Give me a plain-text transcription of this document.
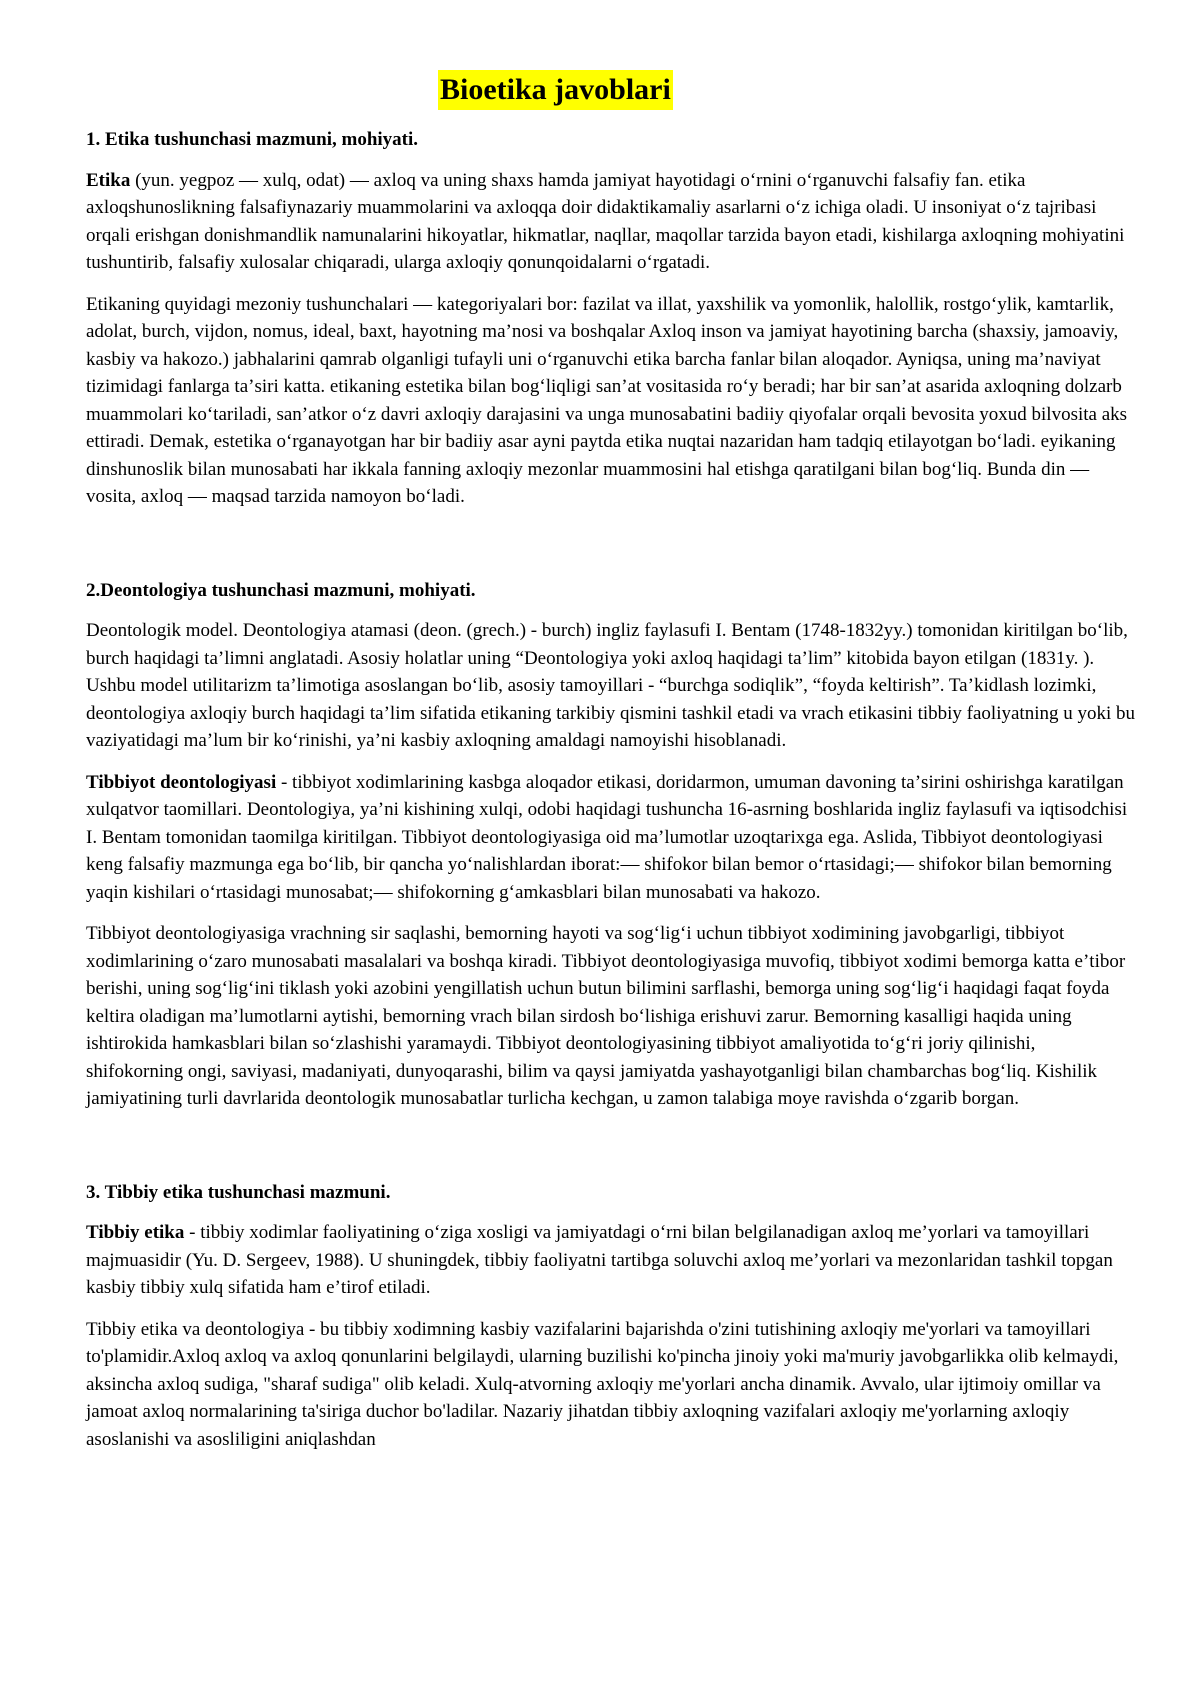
Bioetika javoblari
1. Etika tushunchasi mazmuni, mohiyati.

Etika (yun. yegpoz — xulq, odat) — axloq va uning shaxs hamda jamiyat hayotidagi oʻrnini oʻrganuvchi falsafiy fan. etika axloqshunoslikning falsafiynazariy muammolarini va axloqqa doir didaktikamaliy asarlarni oʻz ichiga oladi. U insoniyat oʻz tajribasi orqali erishgan donishmandlik namunalarini hikoyatlar, hikmatlar, naqllar, maqollar tarzida bayon etadi, kishilarga axloqning mohiyatini tushuntirib, falsafiy xulosalar chiqaradi, ularga axloqiy qonunqoidalarni oʻrgatadi.

Etikaning quyidagi mezoniy tushunchalari — kategoriyalari bor: fazilat va illat, yaxshilik va yomonlik, halollik, rostgoʻylik, kamtarlik, adolat, burch, vijdon, nomus, ideal, baxt, hayotning maʼnosi va boshqalar Axloq inson va jamiyat hayotining barcha (shaxsiy, jamoaviy, kasbiy va hakozo.) jabhalarini qamrab olganligi tufayli uni oʻrganuvchi etika barcha fanlar bilan aloqador. Ayniqsa, uning maʼnaviyat tizimidagi fanlarga taʼsiri katta. etikaning estetika bilan bogʻliqligi sanʼat vositasida roʻy beradi; har bir sanʼat asarida axloqning dolzarb muammolari koʻtariladi, sanʼatkor oʻz davri axloqiy darajasini va unga munosabatini badiiy qiyofalar orqali bevosita yoxud bilvosita aks ettiradi. Demak, estetika oʻrganayotgan har bir badiiy asar ayni paytda etika nuqtai nazaridan ham tadqiq etilayotgan boʻladi. eyikaning dinshunoslik bilan munosabati har ikkala fanning axloqiy mezonlar muammosini hal etishga qaratilgani bilan bogʻliq. Bunda din — vosita, axloq — maqsad tarzida namoyon boʻladi.

2.Deontologiya tushunchasi mazmuni, mohiyati.

Deontologik model. Deontologiya atamasi (deon. (grech.) - burch) ingliz faylasufi I. Bentam (1748-1832yy.) tomonidan kiritilgan boʻlib, burch haqidagi taʼlimni anglatadi. Asosiy holatlar uning “Deontologiya yoki axloq haqidagi taʼlim” kitobida bayon etilgan (1831y. ). Ushbu model utilitarizm taʼlimotiga asoslangan boʻlib, asosiy tamoyillari - “burchga sodiqlik”, “foyda keltirish”. Taʼkidlash lozimki, deontologiya axloqiy burch haqidagi taʼlim sifatida etikaning tarkibiy qismini tashkil etadi va vrach etikasini tibbiy faoliyatning u yoki bu vaziyatidagi maʼlum bir koʻrinishi, yaʼni kasbiy axloqning amaldagi namoyishi hisoblanadi.

Tibbiyot deontologiyasi - tibbiyot xodimlarining kasbga aloqador etikasi, doridarmon, umuman davoning taʼsirini oshirishga karatilgan xulqatvor taomillari. Deontologiya, yaʼni kishining xulqi, odobi haqidagi tushuncha 16-asrning boshlarida ingliz faylasufi va iqtisodchisi I. Bentam tomonidan taomilga kiritilgan. Tibbiyot deontologiyasiga oid maʼlumotlar uzoqtarixga ega. Aslida, Tibbiyot deontologiyasi keng falsafiy mazmunga ega boʻlib, bir qancha yoʻnalishlardan iborat:— shifokor bilan bemor oʻrtasidagi;— shifokor bilan bemorning yaqin kishilari oʻrtasidagi munosabat;— shifokorning gʻamkasblari bilan munosabati va hakozo.

Tibbiyot deontologiyasiga vrachning sir saqlashi, bemorning hayoti va sogʻligʻi uchun tibbiyot xodimining javobgarligi, tibbiyot xodimlarining oʻzaro munosabati masalalari va boshqa kiradi. Tibbiyot deontologiyasiga muvofiq, tibbiyot xodimi bemorga katta eʼtibor berishi, uning sogʻligʻini tiklash yoki azobini yengillatish uchun butun bilimini sarflashi, bemorga uning sogʻligʻi haqidagi faqat foyda keltira oladigan maʼlumotlarni aytishi, bemorning vrach bilan sirdosh boʻlishiga erishuvi zarur. Bemorning kasalligi haqida uning ishtirokida hamkasblari bilan soʻzlashishi yaramaydi. Tibbiyot deontologiyasining tibbiyot amaliyotida toʻgʻri joriy qilinishi, shifokorning ongi, saviyasi, madaniyati, dunyoqarashi, bilim va qaysi jamiyatda yashayotganligi bilan chambarchas bogʻliq. Kishilik jamiyatining turli davrlarida deontologik munosabatlar turlicha kechgan, u zamon talabiga moye ravishda oʻzgarib borgan.

3. Tibbiy etika tushunchasi mazmuni.

Tibbiy etika - tibbiy xodimlar faoliyatining oʻziga xosligi va jamiyatdagi oʻrni bilan belgilanadigan axloq meʼyorlari va tamoyillari majmuasidir (Yu. D. Sergeev, 1988). U shuningdek, tibbiy faoliyatni tartibga soluvchi axloq meʼyorlari va mezonlaridan tashkil topgan kasbiy tibbiy xulq sifatida ham eʼtirof etiladi.

Tibbiy etika va deontologiya - bu tibbiy xodimning kasbiy vazifalarini bajarishda o'zini tutishining axloqiy me'yorlari va tamoyillari to'plamidir.Axloq axloq va axloq qonunlarini belgilaydi, ularning buzilishi ko'pincha jinoiy yoki ma'muriy javobgarlikka olib kelmaydi, aksincha axloq sudiga, "sharaf sudiga" olib keladi. Xulq-atvorning axloqiy me'yorlari ancha dinamik. Avvalo, ular ijtimoiy omillar va jamoat axloq normalarining ta'siriga duchor bo'ladilar. Nazariy jihatdan tibbiy axloqning vazifalari axloqiy me'yorlarning axloqiy asoslanishi va asosliligini aniqlashdan
